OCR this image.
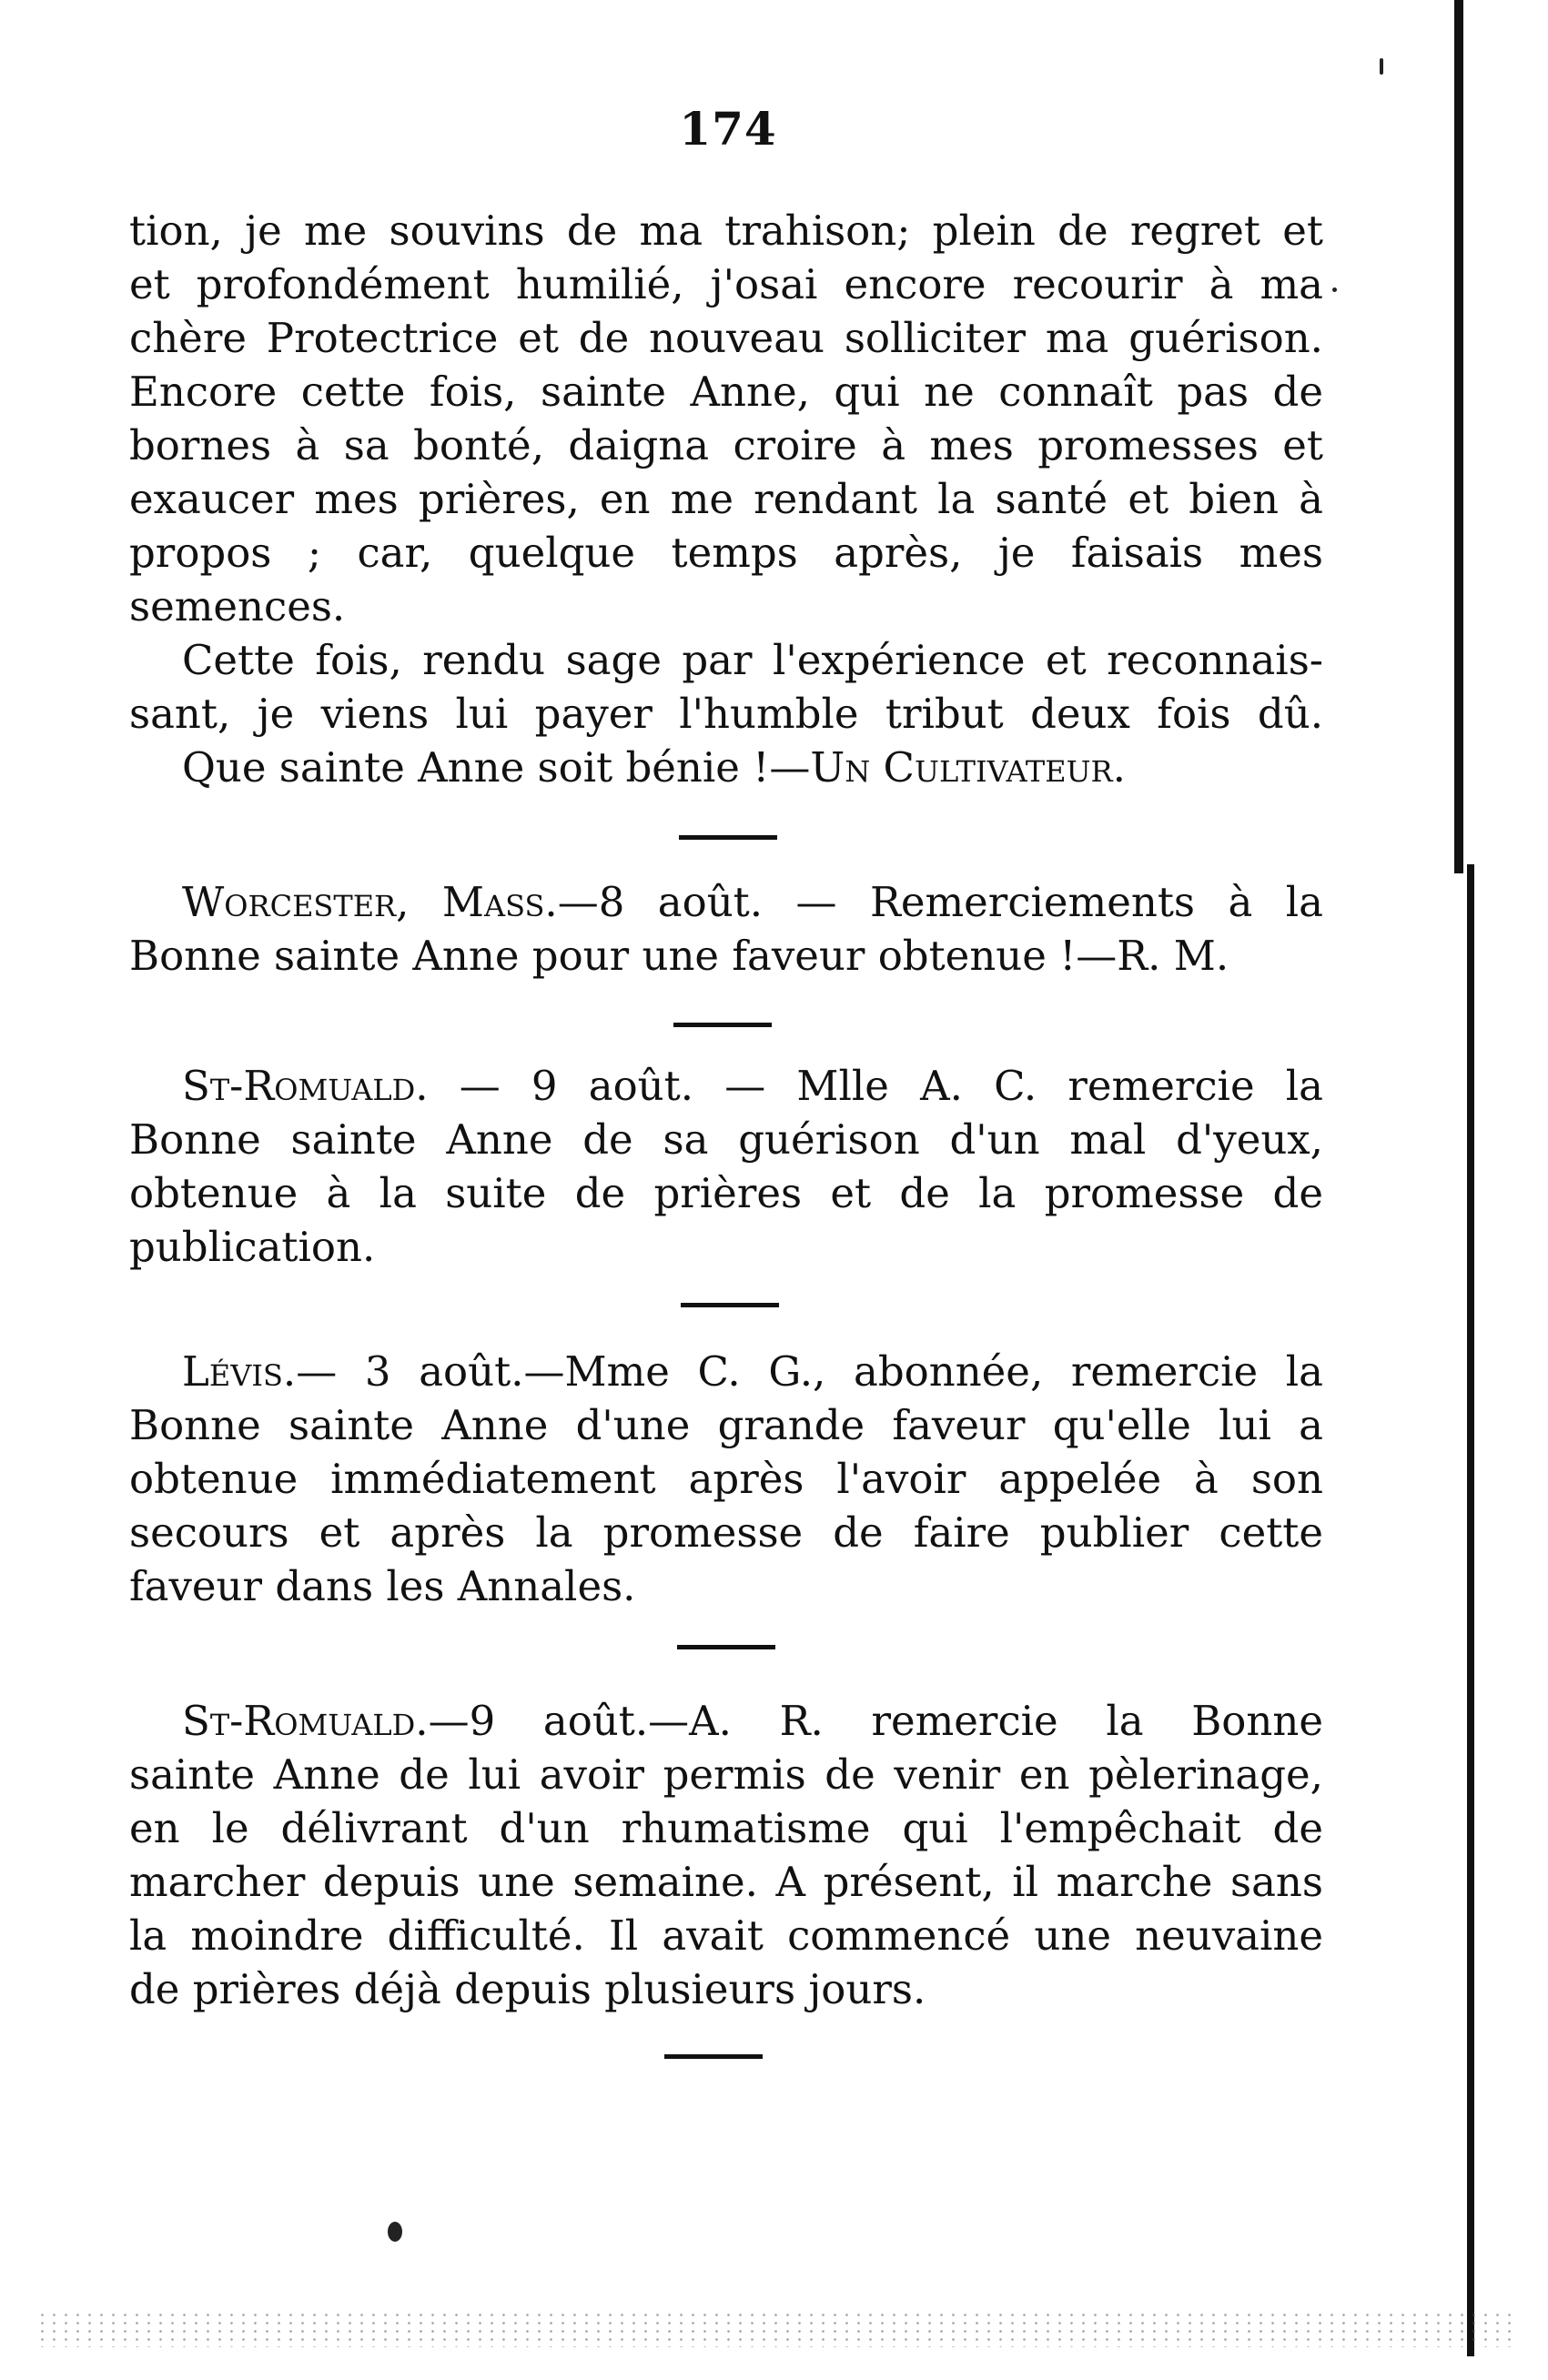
174
tion, je me souvins de ma trahison; plein de regret et
et profondément humilié, j'osai encore recourir à ma
chère Protectrice et de nouveau solliciter ma guérison.
Encore cette fois, sainte Anne, qui ne connaît pas de
bornes à sa bonté, daigna croire à mes promesses et
exaucer mes prières, en me rendant la santé et bien à
propos ; car, quelque temps après, je faisais mes
semences.
Cette fois, rendu sage par l'expérience et reconnais-
sant, je viens lui payer l'humble tribut deux fois dû.
Que sainte Anne soit bénie !—Un Cultivateur.
Worcester, Mass.—8 août. — Remerciements à la
Bonne sainte Anne pour une faveur obtenue !—R. M.
St-Romuald. — 9 août. — Mlle A. C. remercie la
Bonne sainte Anne de sa guérison d'un mal d'yeux,
obtenue à la suite de prières et de la promesse de
publication.
Lévis.— 3 août.—Mme C. G., abonnée, remercie la
Bonne sainte Anne d'une grande faveur qu'elle lui a
obtenue immédiatement après l'avoir appelée à son
secours et après la promesse de faire publier cette
faveur dans les Annales.
St-Romuald.—9 août.—A. R. remercie la Bonne
sainte Anne de lui avoir permis de venir en pèlerinage,
en le délivrant d'un rhumatisme qui l'empêchait de
marcher depuis une semaine. A présent, il marche sans
la moindre difficulté. Il avait commencé une neuvaine
de prières déjà depuis plusieurs jours.
